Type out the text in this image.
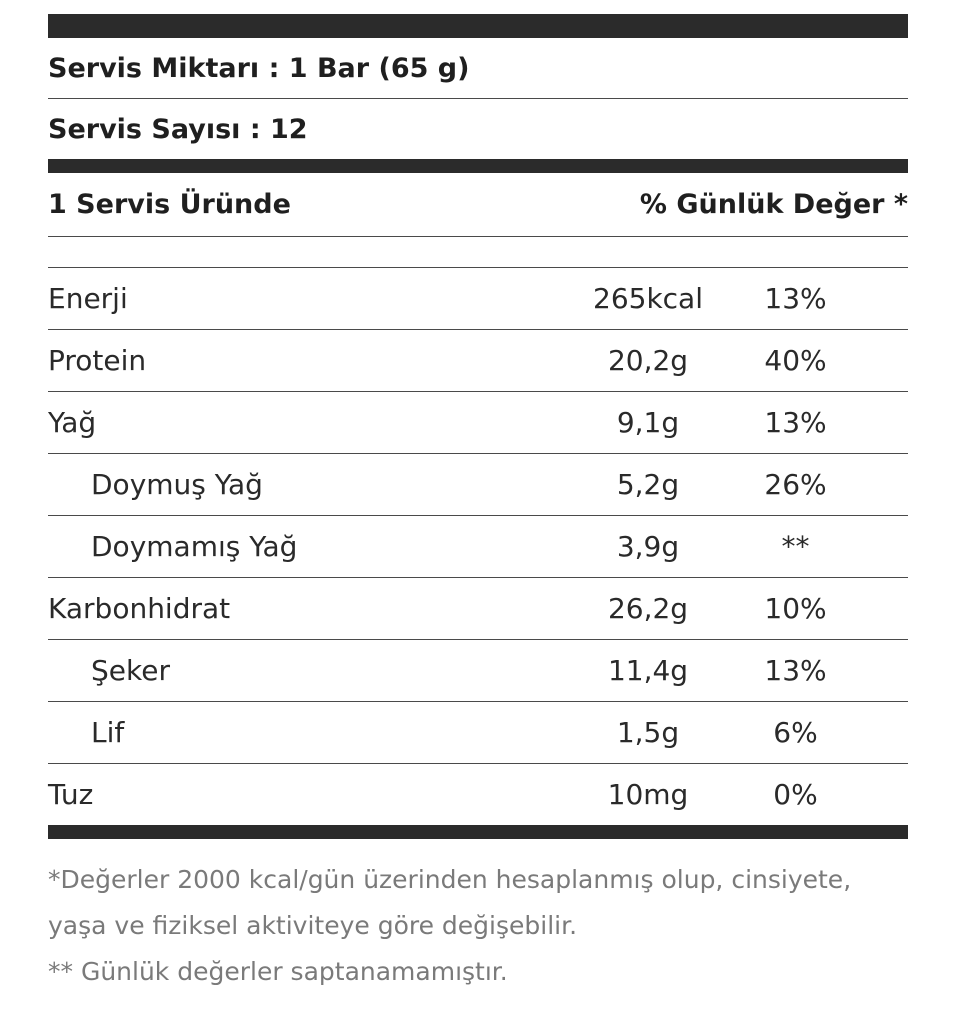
Servis Miktarı : 1 Bar (65 g)
Servis Sayısı : 12
1 Servis Üründe	% Günlük Değer *
Enerji	265kcal	13%
Protein	20,2g	40%
Yağ	9,1g	13%
Doymuş Yağ	5,2g	26%
Doymamış Yağ	3,9g	**
Karbonhidrat	26,2g	10%
Şeker	11,4g	13%
Lif	1,5g	6%
Tuz	10mg	0%

*Değerler 2000 kcal/gün üzerinden hesaplanmış olup, cinsiyete,

yaşa ve fiziksel aktiviteye göre değişebilir.

** Günlük değerler saptanamamıştır.
